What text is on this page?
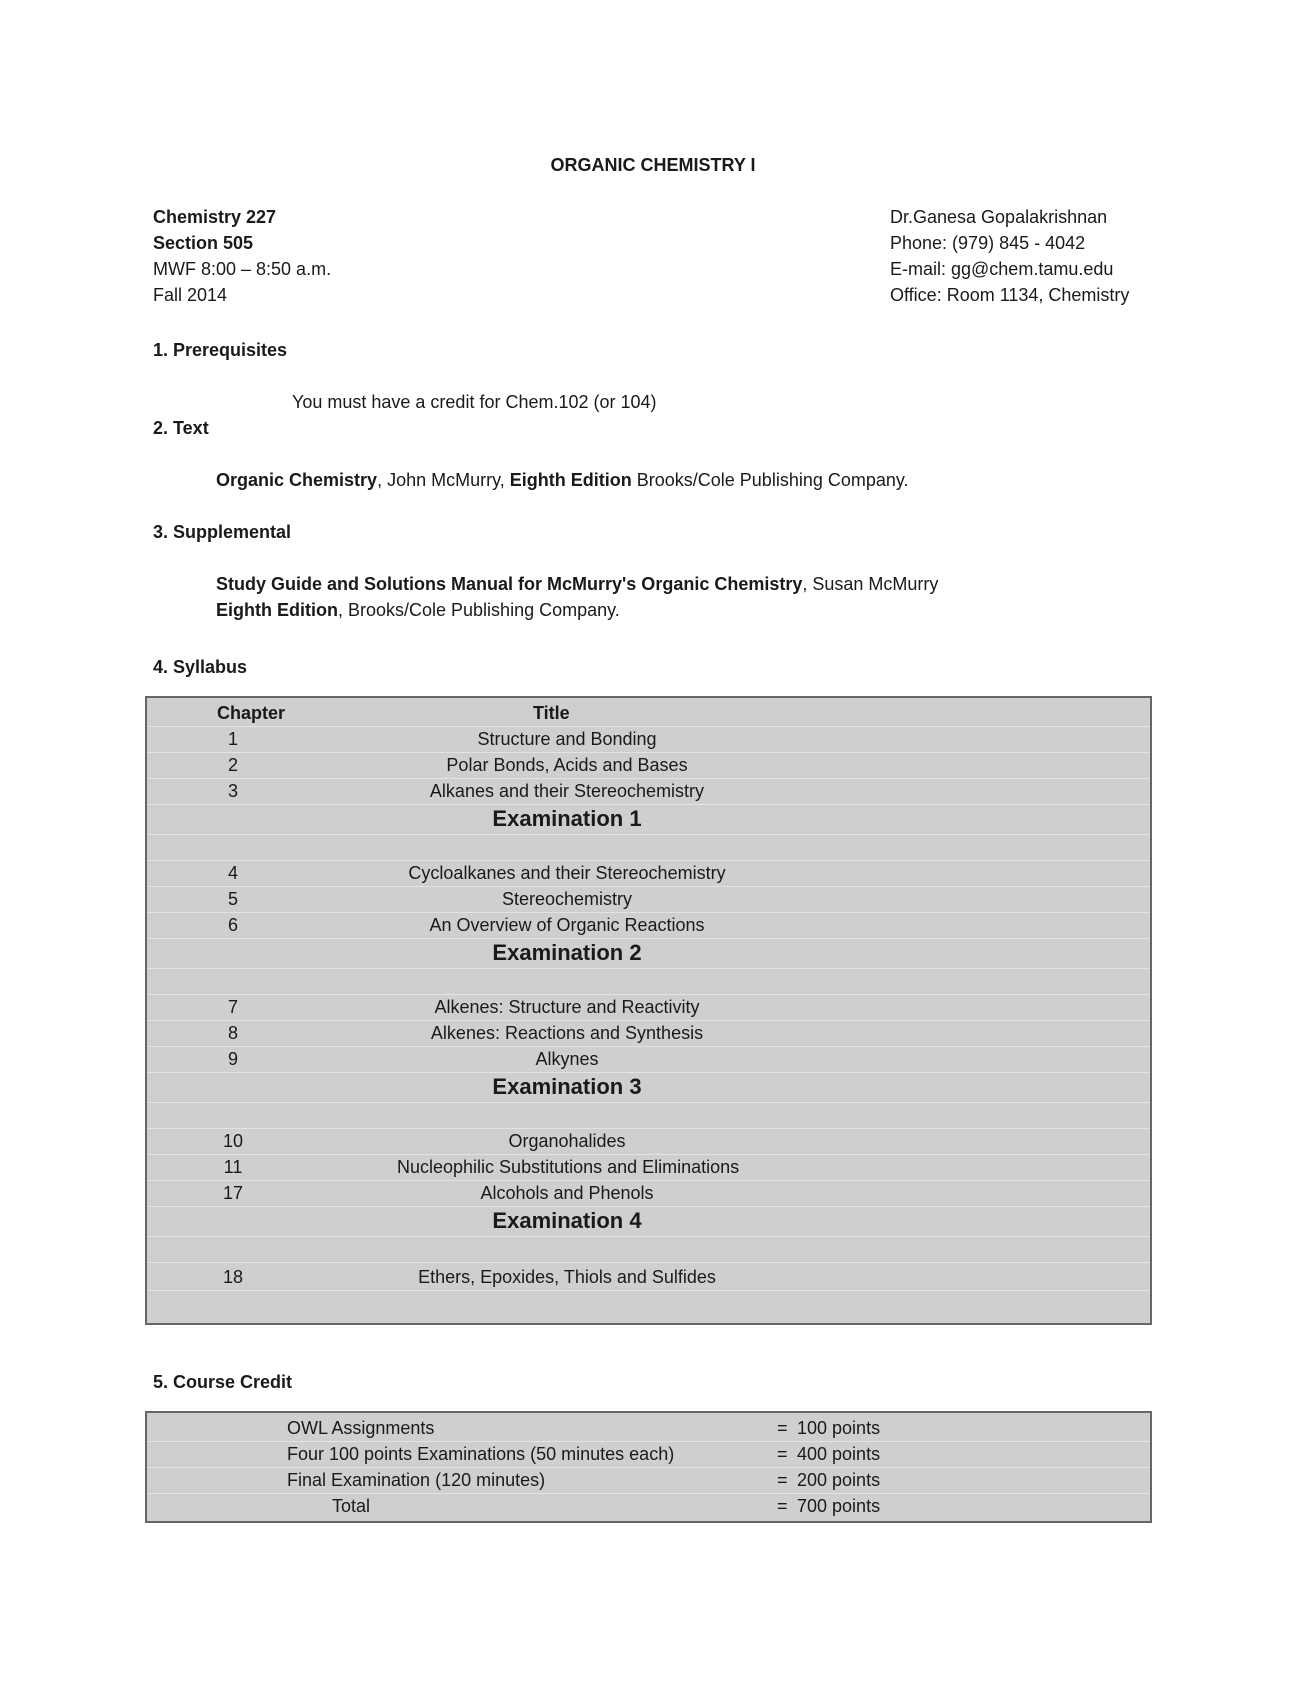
ORGANIC CHEMISTRY I
Chemistry 227
Section 505
MWF 8:00 – 8:50 a.m.
Fall 2014
Dr.Ganesa Gopalakrishnan
Phone: (979) 845 - 4042
E-mail: gg@chem.tamu.edu
Office: Room 1134, Chemistry
1. Prerequisites
You must have a credit for Chem.102 (or 104)
2. Text
Organic Chemistry, John McMurry, Eighth Edition Brooks/Cole Publishing Company.
3. Supplemental
Study Guide and Solutions Manual for McMurry's Organic Chemistry, Susan McMurry
Eighth Edition, Brooks/Cole Publishing Company.
4. Syllabus
Chapter	Title
1	Structure and Bonding
2	Polar Bonds, Acids and Bases
3	Alkanes and their Stereochemistry
Examination 1
4	Cycloalkanes and their Stereochemistry
5	Stereochemistry
6	An Overview of Organic Reactions
Examination 2
7	Alkenes: Structure and Reactivity
8	Alkenes: Reactions and Synthesis
9	Alkynes
Examination 3
10	Organohalides
11	Nucleophilic Substitutions and Eliminations
17	Alcohols and Phenols
Examination 4
18	Ethers, Epoxides, Thiols and Sulfides
5. Course Credit
OWL Assignments	= 100 points
Four 100 points Examinations (50 minutes each)	= 400 points
Final Examination (120 minutes)	= 200 points
Total	= 700 points
